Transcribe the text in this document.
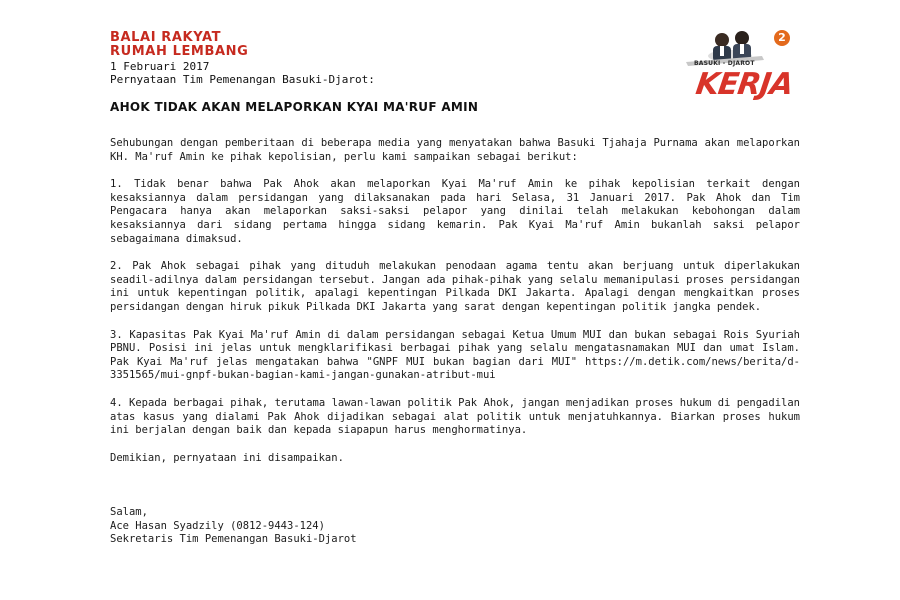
BALAI RAKYAT
RUMAH LEMBANG
1 Februari 2017
Pernyataan Tim Pemenangan Basuki-Djarot:
BASUKI - DJAROT
KERJA
2
AHOK TIDAK AKAN MELAPORKAN KYAI MA'RUF AMIN

Sehubungan dengan pemberitaan di beberapa media yang menyatakan bahwa Basuki Tjahaja Purnama akan melaporkan KH. Ma'ruf Amin ke pihak kepolisian, perlu kami sampaikan sebagai berikut:

1. Tidak benar bahwa Pak Ahok akan melaporkan Kyai Ma'ruf Amin ke pihak kepolisian terkait dengan kesaksiannya dalam persidangan yang dilaksanakan pada hari Selasa, 31 Januari 2017. Pak Ahok dan Tim Pengacara hanya akan melaporkan saksi-saksi pelapor yang dinilai telah melakukan kebohongan dalam kesaksiannya dari sidang pertama hingga sidang kemarin. Pak Kyai Ma'ruf Amin bukanlah saksi pelapor sebagaimana dimaksud.

2. Pak Ahok sebagai pihak yang dituduh melakukan penodaan agama tentu akan berjuang untuk diperlakukan seadil-adilnya dalam persidangan tersebut. Jangan ada pihak-pihak yang selalu memanipulasi proses persidangan ini untuk kepentingan politik, apalagi kepentingan Pilkada DKI Jakarta. Apalagi dengan mengkaitkan proses persidangan dengan hiruk pikuk Pilkada DKI Jakarta yang sarat dengan kepentingan politik jangka pendek.

3. Kapasitas Pak Kyai Ma'ruf Amin di dalam persidangan sebagai Ketua Umum MUI dan bukan sebagai Rois Syuriah PBNU. Posisi ini jelas untuk mengklarifikasi berbagai pihak yang selalu mengatasnamakan MUI dan umat Islam. Pak Kyai Ma'ruf jelas mengatakan bahwa "GNPF MUI bukan bagian dari MUI" https://m.detik.com/news/berita/d-3351565/mui-gnpf-bukan-bagian-kami-jangan-gunakan-atribut-mui

4. Kepada berbagai pihak, terutama lawan-lawan politik Pak Ahok, jangan menjadikan proses hukum di pengadilan atas kasus yang dialami Pak Ahok dijadikan sebagai alat politik untuk menjatuhkannya. Biarkan proses hukum ini berjalan dengan baik dan kepada siapapun harus menghormatinya.

Demikian, pernyataan ini disampaikan.

Salam,
Ace Hasan Syadzily (0812-9443-124)
Sekretaris Tim Pemenangan Basuki-Djarot
